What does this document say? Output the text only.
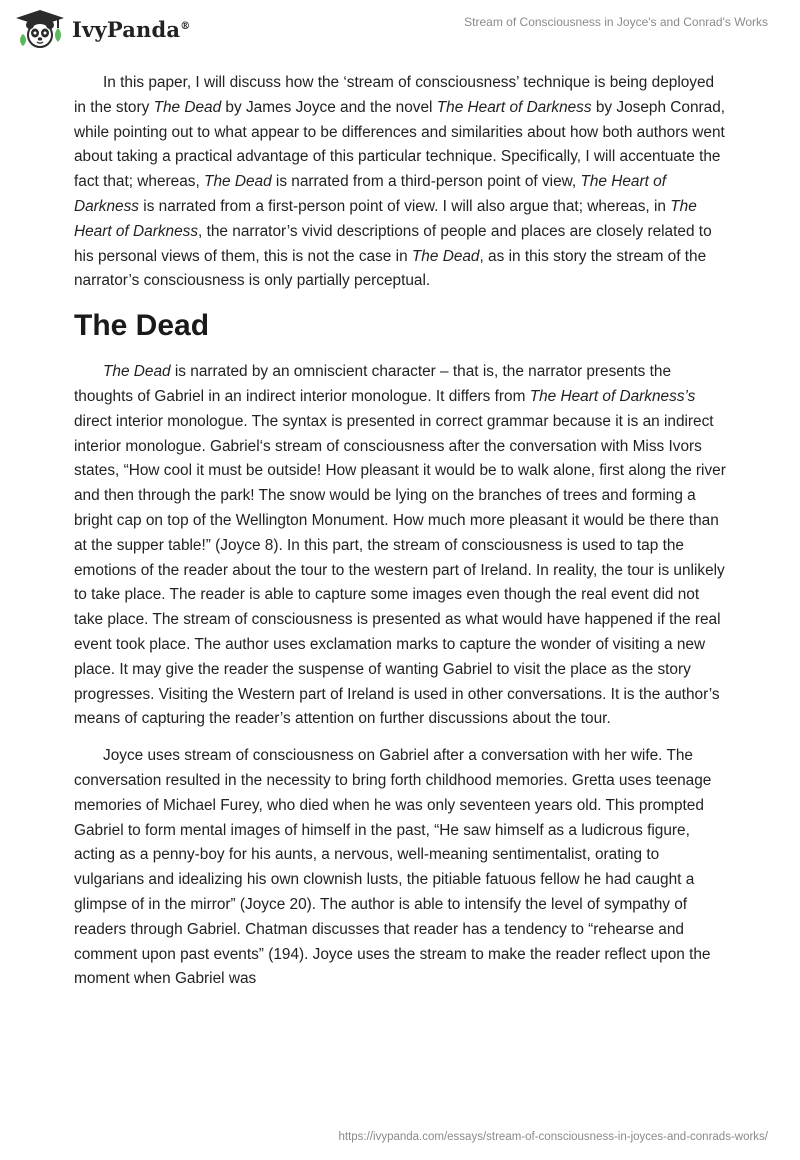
IvyPanda®	Stream of Consciousness in Joyce's and Conrad's Works

In this paper, I will discuss how the ‘stream of consciousness’ technique is being deployed in the story The Dead by James Joyce and the novel The Heart of Darkness by Joseph Conrad, while pointing out to what appear to be differences and similarities about how both authors went about taking a practical advantage of this particular technique. Specifically, I will accentuate the fact that; whereas, The Dead is narrated from a third-person point of view, The Heart of Darkness is narrated from a first-person point of view. I will also argue that; whereas, in The Heart of Darkness, the narrator’s vivid descriptions of people and places are closely related to his personal views of them, this is not the case in The Dead, as in this story the stream of the narrator’s consciousness is only partially perceptual.

The Dead

The Dead is narrated by an omniscient character – that is, the narrator presents the thoughts of Gabriel in an indirect interior monologue. It differs from The Heart of Darkness’s direct interior monologue. The syntax is presented in correct grammar because it is an indirect interior monologue. Gabriel‘s stream of consciousness after the conversation with Miss Ivors states, “How cool it must be outside! How pleasant it would be to walk alone, first along the river and then through the park! The snow would be lying on the branches of trees and forming a bright cap on top of the Wellington Monument. How much more pleasant it would be there than at the supper table!” (Joyce 8). In this part, the stream of consciousness is used to tap the emotions of the reader about the tour to the western part of Ireland. In reality, the tour is unlikely to take place. The reader is able to capture some images even though the real event did not take place. The stream of consciousness is presented as what would have happened if the real event took place. The author uses exclamation marks to capture the wonder of visiting a new place. It may give the reader the suspense of wanting Gabriel to visit the place as the story progresses. Visiting the Western part of Ireland is used in other conversations. It is the author’s means of capturing the reader’s attention on further discussions about the tour.

Joyce uses stream of consciousness on Gabriel after a conversation with her wife. The conversation resulted in the necessity to bring forth childhood memories. Gretta uses teenage memories of Michael Furey, who died when he was only seventeen years old. This prompted Gabriel to form mental images of himself in the past, “He saw himself as a ludicrous figure, acting as a penny-boy for his aunts, a nervous, well-meaning sentimentalist, orating to vulgarians and idealizing his own clownish lusts, the pitiable fatuous fellow he had caught a glimpse of in the mirror” (Joyce 20). The author is able to intensify the level of sympathy of readers through Gabriel. Chatman discusses that reader has a tendency to “rehearse and comment upon past events” (194). Joyce uses the stream to make the reader reflect upon the moment when Gabriel was

https://ivypanda.com/essays/stream-of-consciousness-in-joyces-and-conrads-works/
